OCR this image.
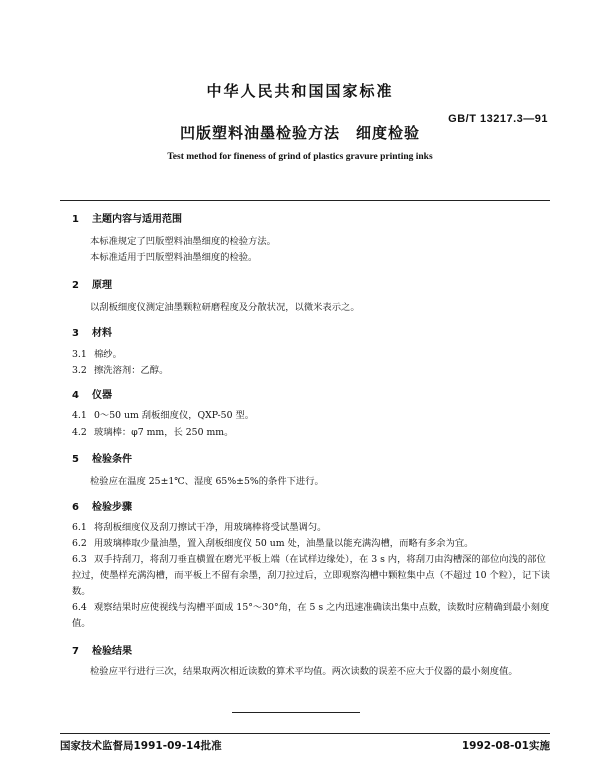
中华人民共和国国家标准
GB/T 13217.3—91
凹版塑料油墨检验方法　细度检验
Test method for fineness of grind of plastics gravure printing inks
1 主题内容与适用范围
本标准规定了凹版塑料油墨细度的检验方法。
本标准适用于凹版塑料油墨细度的检验。
2 原理
以刮板细度仪测定油墨颗粒研磨程度及分散状况，以微米表示之。
3 材料
3.1 棉纱。
3.2 擦洗溶剂：乙醇。
4 仪器
4.1 0～50 um 刮板细度仪，QXP-50 型。
4.2 玻璃棒：φ7 mm，长 250 mm。
5 检验条件
检验应在温度 25±1℃、湿度 65%±5%的条件下进行。
6 检验步骤
6.1 将刮板细度仪及刮刀擦试干净，用玻璃棒将受试墨调匀。
6.2 用玻璃棒取少量油墨，置入刮板细度仪 50 um 处，油墨量以能充满沟槽，而略有多余为宜。
6.3 双手持刮刀，将刮刀垂直横置在磨光平板上端（在试样边缘处），在 3 s 内，将刮刀由沟槽深的部位向浅的部位拉过，使墨样充满沟槽，而平板上不留有余墨，刮刀拉过后，立即观察沟槽中颗粒集中点（不超过 10 个粒），记下读数。
6.4 观察结果时应使视线与沟槽平面成 15°～30°角，在 5 s 之内迅速准确读出集中点数，读数时应精确到最小刻度值。
7 检验结果
检验应平行进行三次，结果取两次相近读数的算术平均值。两次读数的误差不应大于仪器的最小刻度值。
国家技术监督局1991-09-14批准	1992-08-01实施
